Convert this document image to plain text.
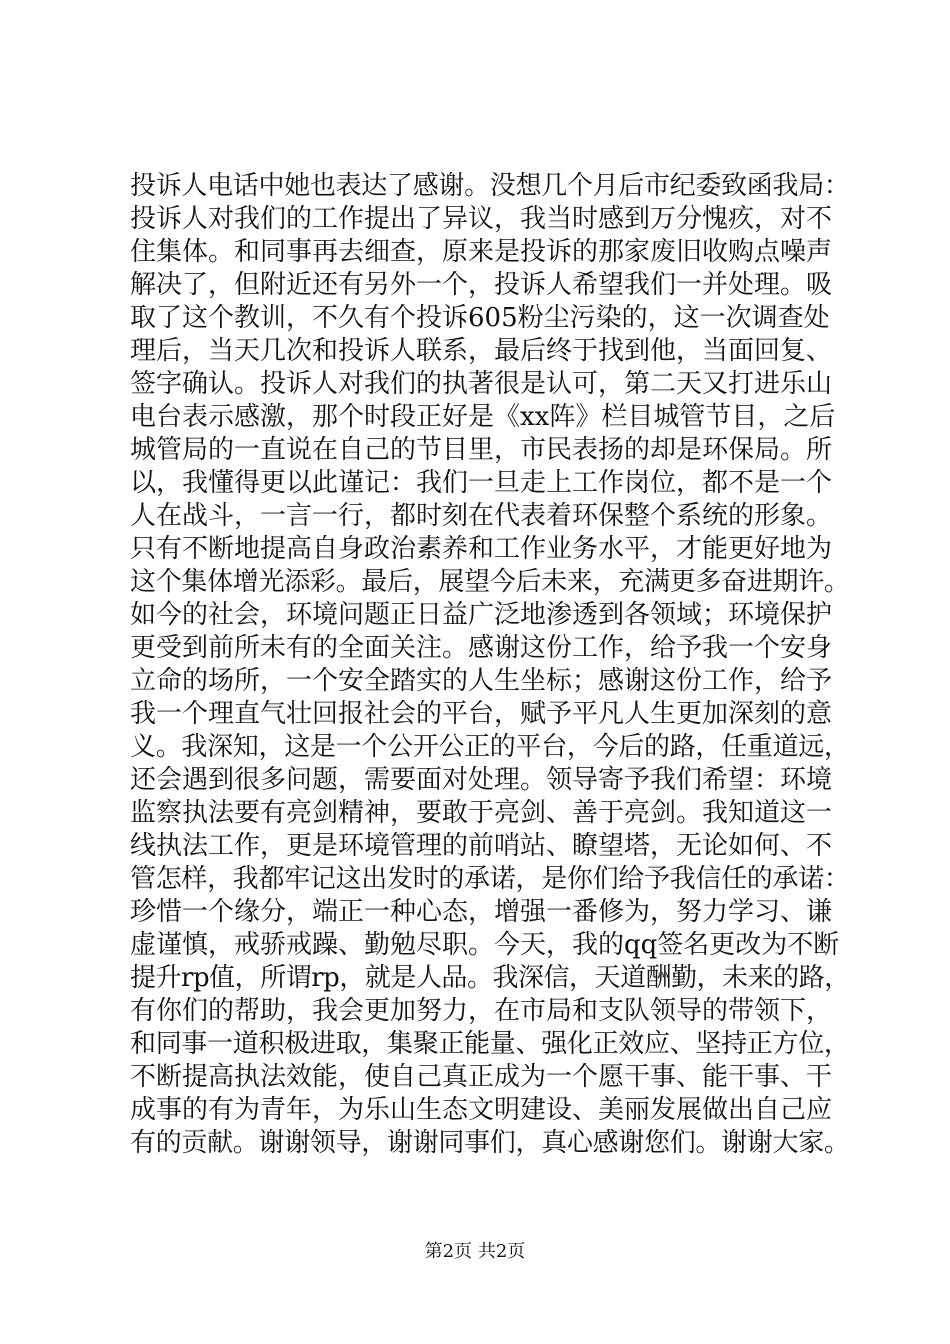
投诉人电话中她也表达了感谢。没想几个月后市纪委致函我局：
投诉人对我们的工作提出了异议，我当时感到万分愧疚，对不
住集体。和同事再去细查，原来是投诉的那家废旧收购点噪声
解决了，但附近还有另外一个，投诉人希望我们一并处理。吸
取了这个教训，不久有个投诉605粉尘污染的，这一次调查处
理后，当天几次和投诉人联系，最后终于找到他，当面回复、
签字确认。投诉人对我们的执著很是认可，第二天又打进乐山
电台表示感激，那个时段正好是《xx阵》栏目城管节目，之后
城管局的一直说在自己的节目里，市民表扬的却是环保局。所
以，我懂得更以此谨记：我们一旦走上工作岗位，都不是一个
人在战斗，一言一行，都时刻在代表着环保整个系统的形象。
只有不断地提高自身政治素养和工作业务水平，才能更好地为
这个集体增光添彩。最后，展望今后未来，充满更多奋进期许。
如今的社会，环境问题正日益广泛地渗透到各领域；环境保护
更受到前所未有的全面关注。感谢这份工作，给予我一个安身
立命的场所，一个安全踏实的人生坐标；感谢这份工作，给予
我一个理直气壮回报社会的平台，赋予平凡人生更加深刻的意
义。我深知，这是一个公开公正的平台，今后的路，任重道远，
还会遇到很多问题，需要面对处理。领导寄予我们希望：环境
监察执法要有亮剑精神，要敢于亮剑、善于亮剑。我知道这一
线执法工作，更是环境管理的前哨站、瞭望塔，无论如何、不
管怎样，我都牢记这出发时的承诺，是你们给予我信任的承诺：
珍惜一个缘分，端正一种心态，增强一番修为，努力学习、谦
虚谨慎，戒骄戒躁、勤勉尽职。今天，我的qq签名更改为不断
提升rp值，所谓rp，就是人品。我深信，天道酬勤，未来的路，
有你们的帮助，我会更加努力，在市局和支队领导的带领下，
和同事一道积极进取，集聚正能量、强化正效应、坚持正方位，
不断提高执法效能，使自己真正成为一个愿干事、能干事、干
成事的有为青年，为乐山生态文明建设、美丽发展做出自己应
有的贡献。谢谢领导，谢谢同事们，真心感谢您们。谢谢大家。
第2页 共2页
